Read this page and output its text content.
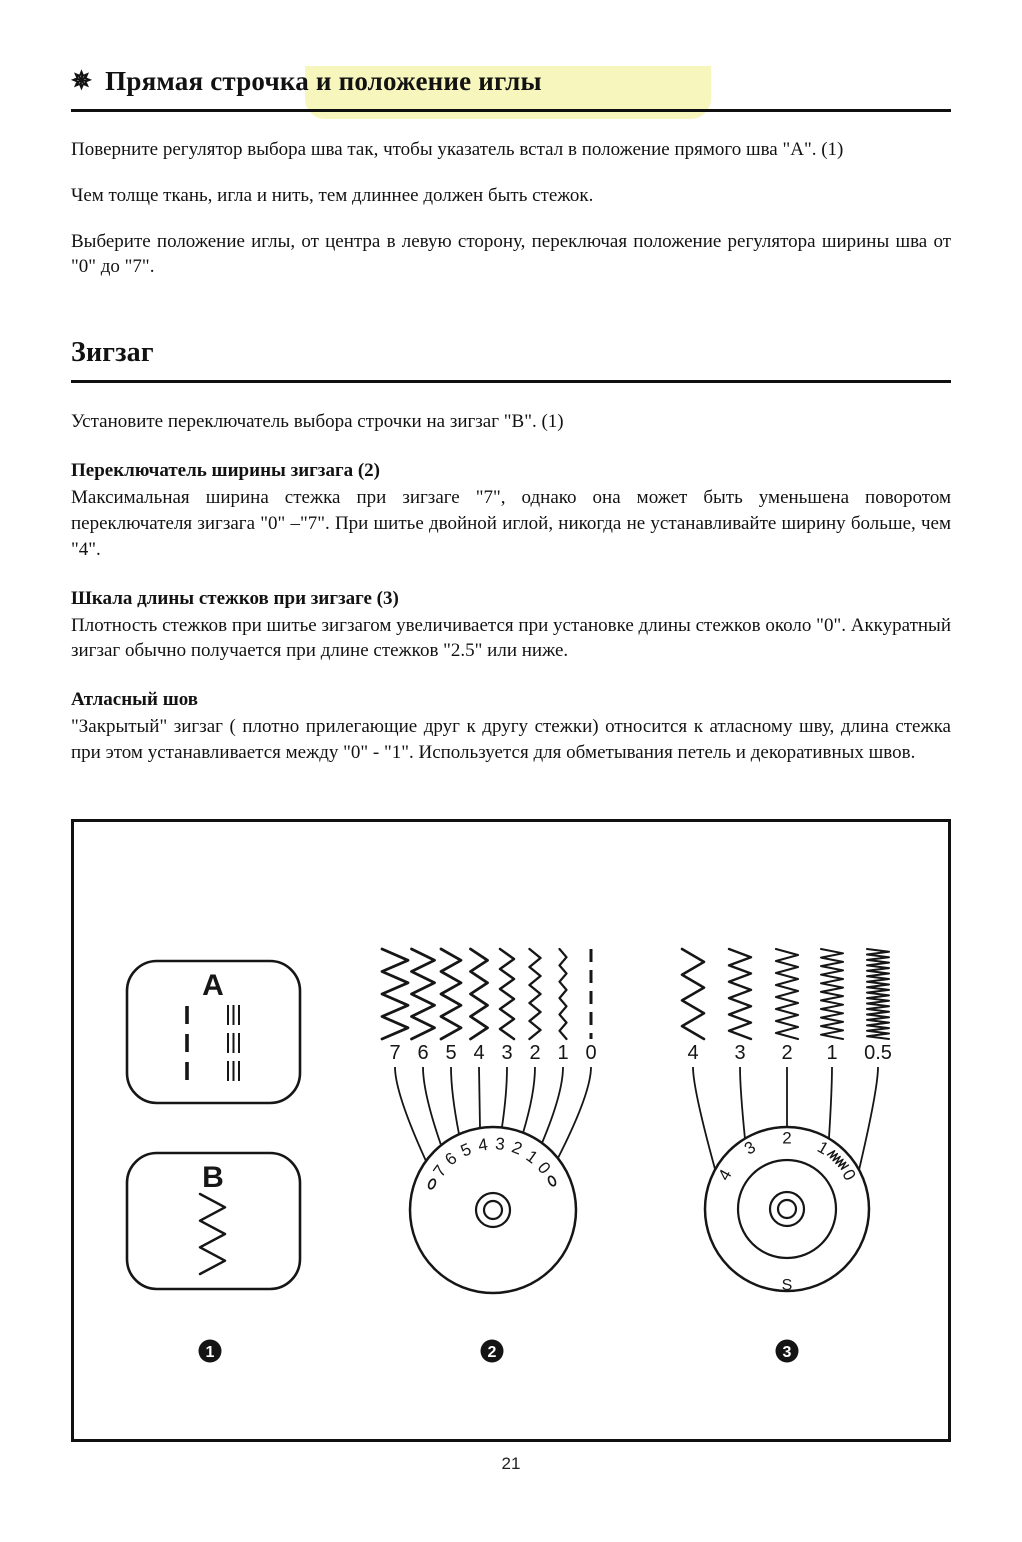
✵ Прямая строчка и положение иглы

Поверните регулятор выбора шва так, чтобы указатель встал в положение прямого шва "A". (1)

Чем толще ткань, игла и нить, тем длиннее должен быть стежок.

Выберите положение иглы, от центра в левую сторону, переключая положение регулятора ширины шва от "0" до "7".

Зигзаг

Установите переключатель выбора строчки на зигзаг "B". (1)

Переключатель ширины зигзага (2)

Максимальная ширина стежка при зигзаге "7", однако она может быть уменьшена поворотом переключателя зигзага "0" –"7". При шитье двойной иглой, никогда не устанавливайте ширину больше, чем "4".

Шкала длины стежков при зигзаге (3)

Плотность стежков при шитье зигзагом увеличивается при установке длины стежков около "0". Аккуратный зигзаг обычно получается при длине стежков "2.5" или ниже.

Атласный шов

"Закрытый" зигзаг ( плотно прилегающие друг к другу стежки) относится к атласному шву, длина стежка при этом устанавливается между "0" - "1". Используется для обметывания петель и декоративных швов.

A
B
7 6 5 4 3 2 1 0
7
6
5 4 3 2
1
0
4 3 2 1 0.5
4
3 2 1
0
S
1	2	3
21
